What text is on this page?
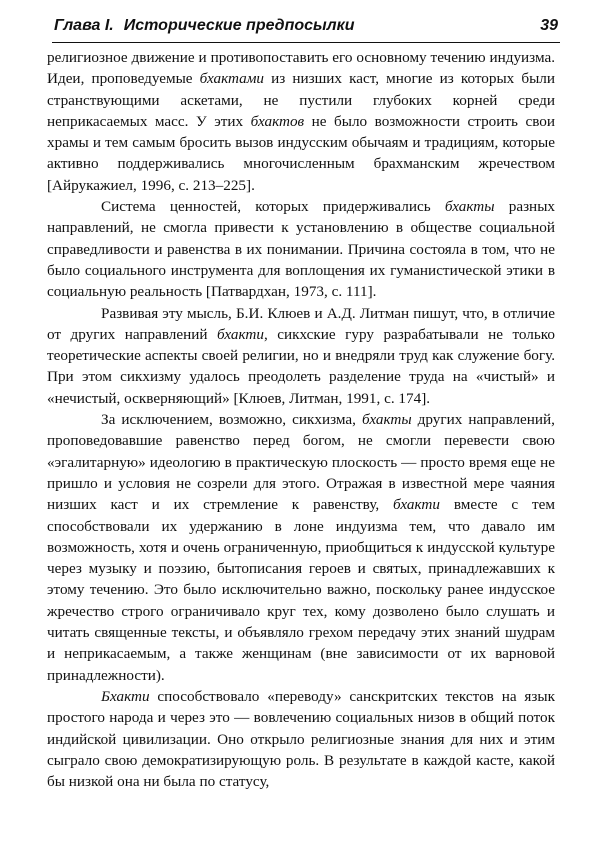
Глава I. Исторические предпосылки	39

религиозное движение и противопоставить его основному течению индуизма. Идеи, проповедуемые бхактами из низших каст, многие из которых были странствующими аскетами, не пустили глубоких корней среди неприкасаемых масс. У этих бхактов не было возможности строить свои храмы и тем самым бросить вызов индусским обычаям и традициям, которые активно поддерживались многочисленным брахманским жречеством [Айрукажиел, 1996, с. 213–225].

Система ценностей, которых придерживались бхакты разных направлений, не смогла привести к установлению в обществе социальной справедливости и равенства в их понимании. Причина состояла в том, что не было социального инструмента для воплощения их гуманистической этики в социальную реальность [Патвардхан, 1973, с. 111].

Развивая эту мысль, Б.И. Клюев и А.Д. Литман пишут, что, в отличие от других направлений бхакти, сикхские гуру разрабатывали не только теоретические аспекты своей религии, но и внедряли труд как служение богу. При этом сикхизму удалось преодолеть разделение труда на «чистый» и «нечистый, оскверняющий» [Клюев, Литман, 1991, с. 174].

За исключением, возможно, сикхизма, бхакты других направлений, проповедовавшие равенство перед богом, не смогли перевести свою «эгалитарную» идеологию в практическую плоскость — просто время еще не пришло и условия не созрели для этого. Отражая в известной мере чаяния низших каст и их стремление к равенству, бхакти вместе с тем способствовали их удержанию в лоне индуизма тем, что давало им возможность, хотя и очень ограниченную, приобщиться к индусской культуре через музыку и поэзию, бытописания героев и святых, принадлежавших к этому течению. Это было исключительно важно, поскольку ранее индусское жречество строго ограничивало круг тех, кому дозволено было слушать и читать священные тексты, и объявляло грехом передачу этих знаний шудрам и неприкасаемым, а также женщинам (вне зависимости от их варновой принадлежности).

Бхакти способствовало «переводу» санскритских текстов на язык простого народа и через это — вовлечению социальных низов в общий поток индийской цивилизации. Оно открыло религиозные знания для них и этим сыграло свою демократизирующую роль. В результате в каждой касте, какой бы низкой она ни была по статусу,
